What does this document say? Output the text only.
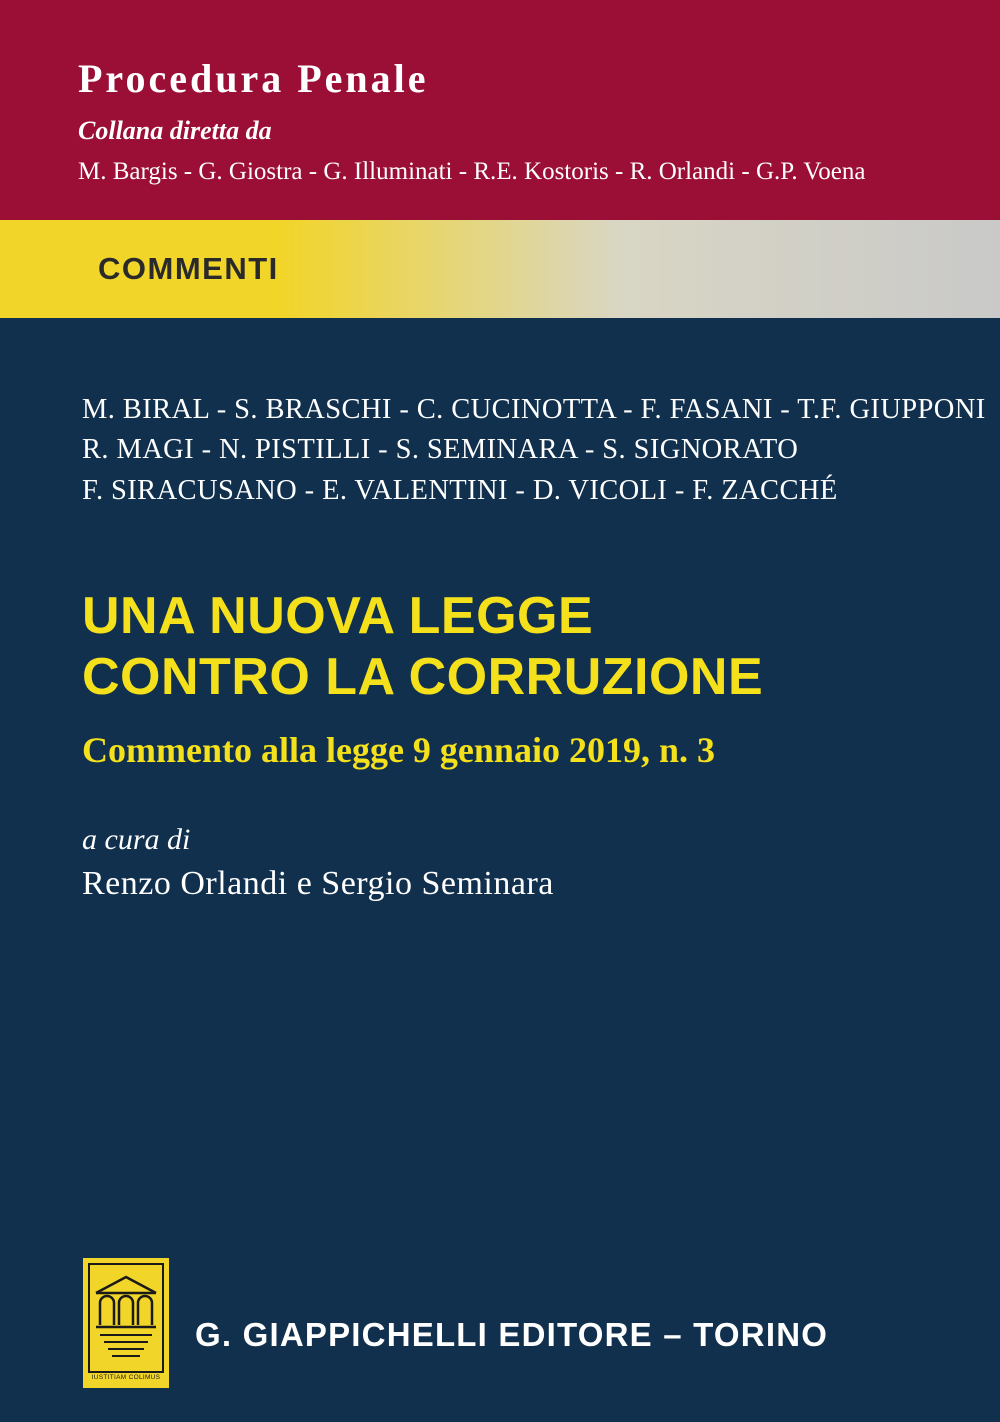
Procedura Penale
Collana diretta da
M. Bargis - G. Giostra - G. Illuminati - R.E. Kostoris - R. Orlandi - G.P. Voena
COMMENTI
M. BIRAL - S. BRASCHI - C. CUCINOTTA - F. FASANI - T.F. GIUPPONI
R. MAGI - N. PISTILLI - S. SEMINARA - S. SIGNORATO
F. SIRACUSANO - E. VALENTINI - D. VICOLI - F. ZACCHÉ
UNA NUOVA LEGGE
CONTRO LA CORRUZIONE
Commento alla legge 9 gennaio 2019, n. 3
a cura di
Renzo Orlandi e Sergio Seminara
IUSTITIAM COLIMUS
G. GIAPPICHELLI EDITORE – TORINO
